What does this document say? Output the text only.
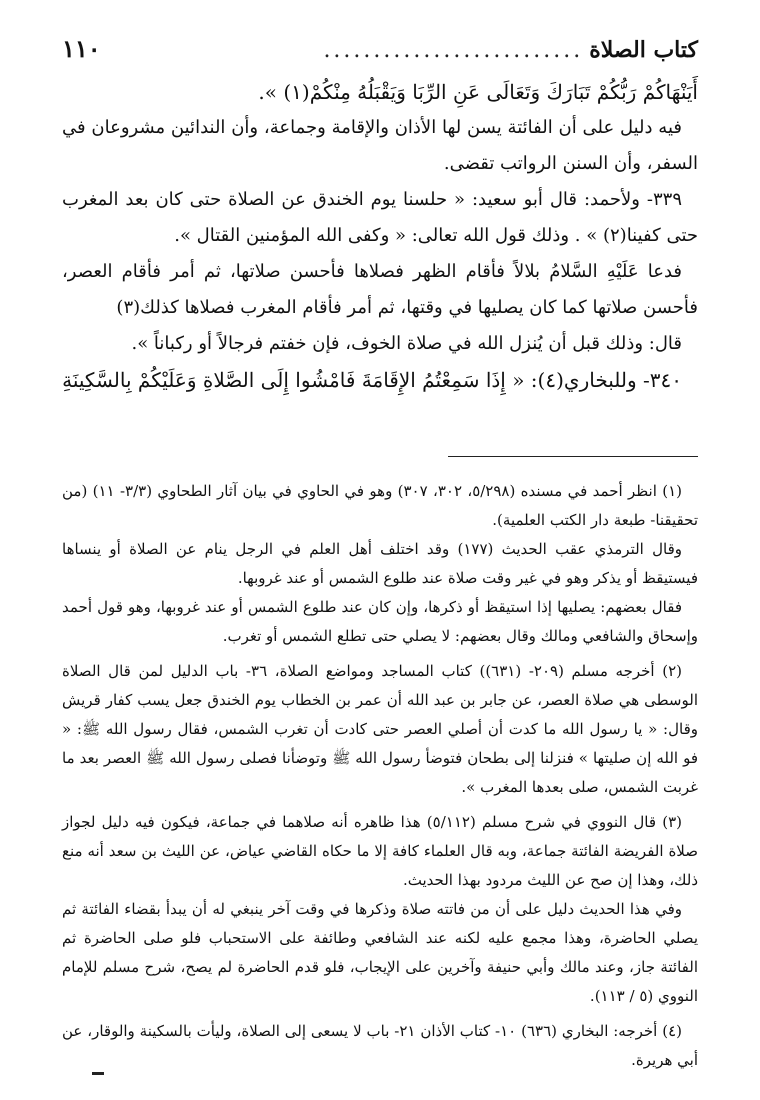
كتاب الصلاة
..........................
١١٠

أَيَنْهَاكُمْ رَبُّكُمْ تَبَارَكَ وَتَعَالَى عَنِ الرِّبَا وَيَقْبَلُهُ مِنْكُمْ(١) ».

فيه دليل على أن الفائتة يسن لها الأذان والإقامة وجماعة، وأن الندائين مشروعان في السفر، وأن السنن الرواتب تقضى.

٣٣٩- ولأحمد: قال أبو سعيد: « حلسنا يوم الخندق عن الصلاة حتى كان بعد المغرب حتى كفينا(٢) » . وذلك قول الله تعالى: « وكفى الله المؤمنين القتال ».

فدعا عَلَيْهِ السَّلامُ بلالاً فأقام الظهر فصلاها فأحسن صلاتها، ثم أمر فأقام العصر، فأحسن صلاتها كما كان يصليها في وقتها، ثم أمر فأقام المغرب فصلاها كذلك(٣)

قال: وذلك قبل أن يُنزل الله في صلاة الخوف، فإن خفتم فرجالاً أو ركباناً ».

٣٤٠- وللبخاري(٤): « إِذَا سَمِعْتُمُ الإِقَامَةَ فَامْشُوا إِلَى الصَّلاةِ وَعَلَيْكُمْ بِالسَّكِينَةِ

(١) انظر أحمد في مسنده (٥/٢٩٨، ٣٠٢، ٣٠٧) وهو في الحاوي في بيان آثار الطحاوي (٣/٣- ١١) (من تحقيقنا- طبعة دار الكتب العلمية).

وقال الترمذي عقب الحديث (١٧٧) وقد اختلف أهل العلم في الرجل ينام عن الصلاة أو ينساها فيستيقظ أو يذكر وهو في غير وقت صلاة عند طلوع الشمس أو عند غروبها.

فقال بعضهم: يصليها إذا استيقظ أو ذكرها، وإن كان عند طلوع الشمس أو عند غروبها، وهو قول أحمد وإسحاق والشافعي ومالك وقال بعضهم: لا يصلي حتى تطلع الشمس أو تغرب.

(٢) أخرجه مسلم (٢٠٩- (٦٣١)) كتاب المساجد ومواضع الصلاة، ٣٦- باب الدليل لمن قال الصلاة الوسطى هي صلاة العصر، عن جابر بن عبد الله أن عمر بن الخطاب يوم الخندق جعل يسب كفار قريش وقال: « يا رسول الله ما كدت أن أصلي العصر حتى كادت أن تغرب الشمس، فقال رسول الله ﷺ: « فو الله إن صليتها » فنزلنا إلى بطحان فتوضأ رسول الله ﷺ وتوضأنا فصلى رسول الله ﷺ العصر بعد ما غربت الشمس، صلى بعدها المغرب ».

(٣) قال النووي في شرح مسلم (٥/١١٢) هذا ظاهره أنه صلاهما في جماعة، فيكون فيه دليل لجواز صلاة الفريضة الفائتة جماعة، وبه قال العلماء كافة إلا ما حكاه القاضي عياض، عن الليث بن سعد أنه منع ذلك، وهذا إن صح عن الليث مردود بهذا الحديث.

وفي هذا الحديث دليل على أن من فاتته صلاة وذكرها في وقت آخر ينبغي له أن يبدأ بقضاء الفائتة ثم يصلي الحاضرة، وهذا مجمع عليه لكنه عند الشافعي وطائفة على الاستحباب فلو صلى الحاضرة ثم الفائتة جاز، وعند مالك وأبي حنيفة وآخرين على الإيجاب، فلو قدم الحاضرة لم يصح، شرح مسلم للإمام النووي (٥ / ١١٣).

(٤) أخرجه: البخاري (٦٣٦) ١٠- كتاب الأذان ٢١- باب لا يسعى إلى الصلاة، وليأت بالسكينة والوقار، عن أبي هريرة.
